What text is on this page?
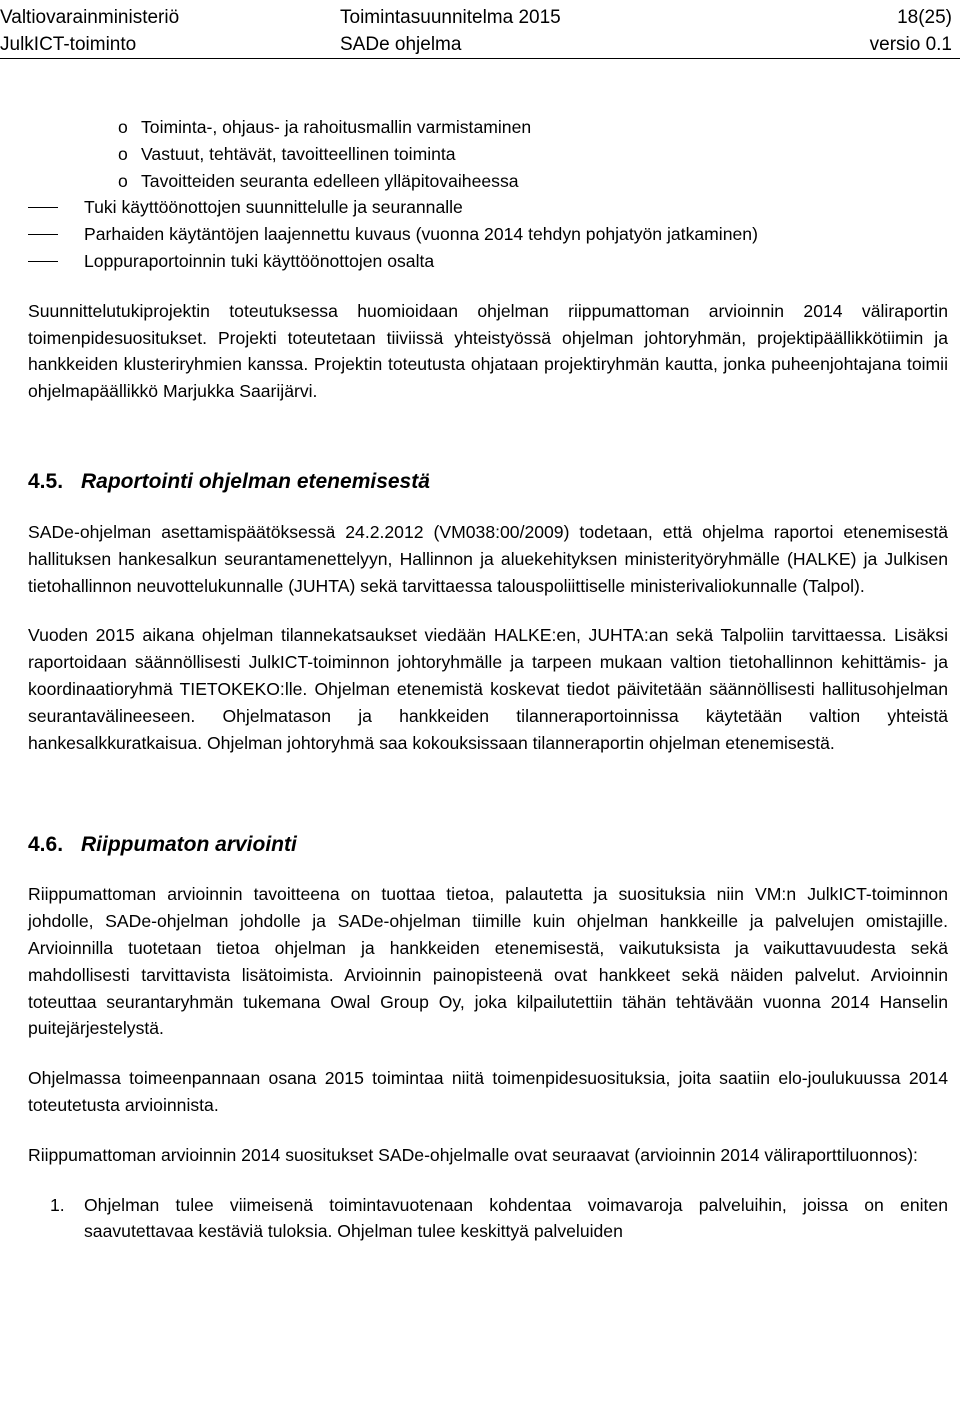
Valtiovarainministeriö	Toimintasuunnitelma 2015	18(25)
JulkICT-toiminto	SADe ohjelma	versio 0.1
o Toiminta-, ohjaus- ja rahoitusmallin varmistaminen
o Vastuut, tehtävät, tavoitteellinen toiminta
o Tavoitteiden seuranta edelleen ylläpitovaiheessa
Tuki käyttöönottojen suunnittelulle ja seurannalle
Parhaiden käytäntöjen laajennettu kuvaus (vuonna 2014 tehdyn pohjatyön jatkaminen)
Loppuraportoinnin tuki käyttöönottojen osalta

Suunnittelutukiprojektin toteutuksessa huomioidaan ohjelman riippumattoman arvioinnin 2014 väliraportin toimenpidesuositukset. Projekti toteutetaan tiiviissä yhteistyössä ohjelman johtoryhmän, projektipäällikkötiimin ja hankkeiden klusteriryhmien kanssa. Projektin toteutusta ohjataan projektiryhmän kautta, jonka puheenjohtajana toimii ohjelmapäällikkö Marjukka Saarijärvi.

4.5. Raportointi ohjelman etenemisestä

SADe-ohjelman asettamispäätöksessä 24.2.2012 (VM038:00/2009) todetaan, että ohjelma raportoi etenemisestä hallituksen hankesalkun seurantamenettelyyn, Hallinnon ja aluekehityksen ministerityöryhmälle (HALKE) ja Julkisen tietohallinnon neuvottelukunnalle (JUHTA) sekä tarvittaessa talouspoliittiselle ministerivaliokunnalle (Talpol).

Vuoden 2015 aikana ohjelman tilannekatsaukset viedään HALKE:en, JUHTA:an sekä Talpoliin tarvittaessa. Lisäksi raportoidaan säännöllisesti JulkICT-toiminnon johtoryhmälle ja tarpeen mukaan valtion tietohallinnon kehittämis- ja koordinaatioryhmä TIETOKEKO:lle. Ohjelman etenemistä koskevat tiedot päivitetään säännöllisesti hallitusohjelman seurantavälineeseen. Ohjelmatason ja hankkeiden tilanneraportoinnissa käytetään valtion yhteistä hankesalkkuratkaisua. Ohjelman johtoryhmä saa kokouksissaan tilanneraportin ohjelman etenemisestä.

4.6. Riippumaton arviointi

Riippumattoman arvioinnin tavoitteena on tuottaa tietoa, palautetta ja suosituksia niin VM:n JulkICT-toiminnon johdolle, SADe-ohjelman johdolle ja SADe-ohjelman tiimille kuin ohjelman hankkeille ja palvelujen omistajille. Arvioinnilla tuotetaan tietoa ohjelman ja hankkeiden etenemisestä, vaikutuksista ja vaikuttavuudesta sekä mahdollisesti tarvittavista lisätoimista. Arvioinnin painopisteenä ovat hankkeet sekä näiden palvelut. Arvioinnin toteuttaa seurantaryhmän tukemana Owal Group Oy, joka kilpailutettiin tähän tehtävään vuonna 2014 Hanselin puitejärjestelystä.

Ohjelmassa toimeenpannaan osana 2015 toimintaa niitä toimenpidesuosituksia, joita saatiin elo-joulukuussa 2014 toteutetusta arvioinnista.

Riippumattoman arvioinnin 2014 suositukset SADe-ohjelmalle ovat seuraavat (arvioinnin 2014 väliraporttiluonnos):

1. Ohjelman tulee viimeisenä toimintavuotenaan kohdentaa voimavaroja palveluihin, joissa on eniten saavutettavaa kestäviä tuloksia. Ohjelman tulee keskittyä palveluiden
